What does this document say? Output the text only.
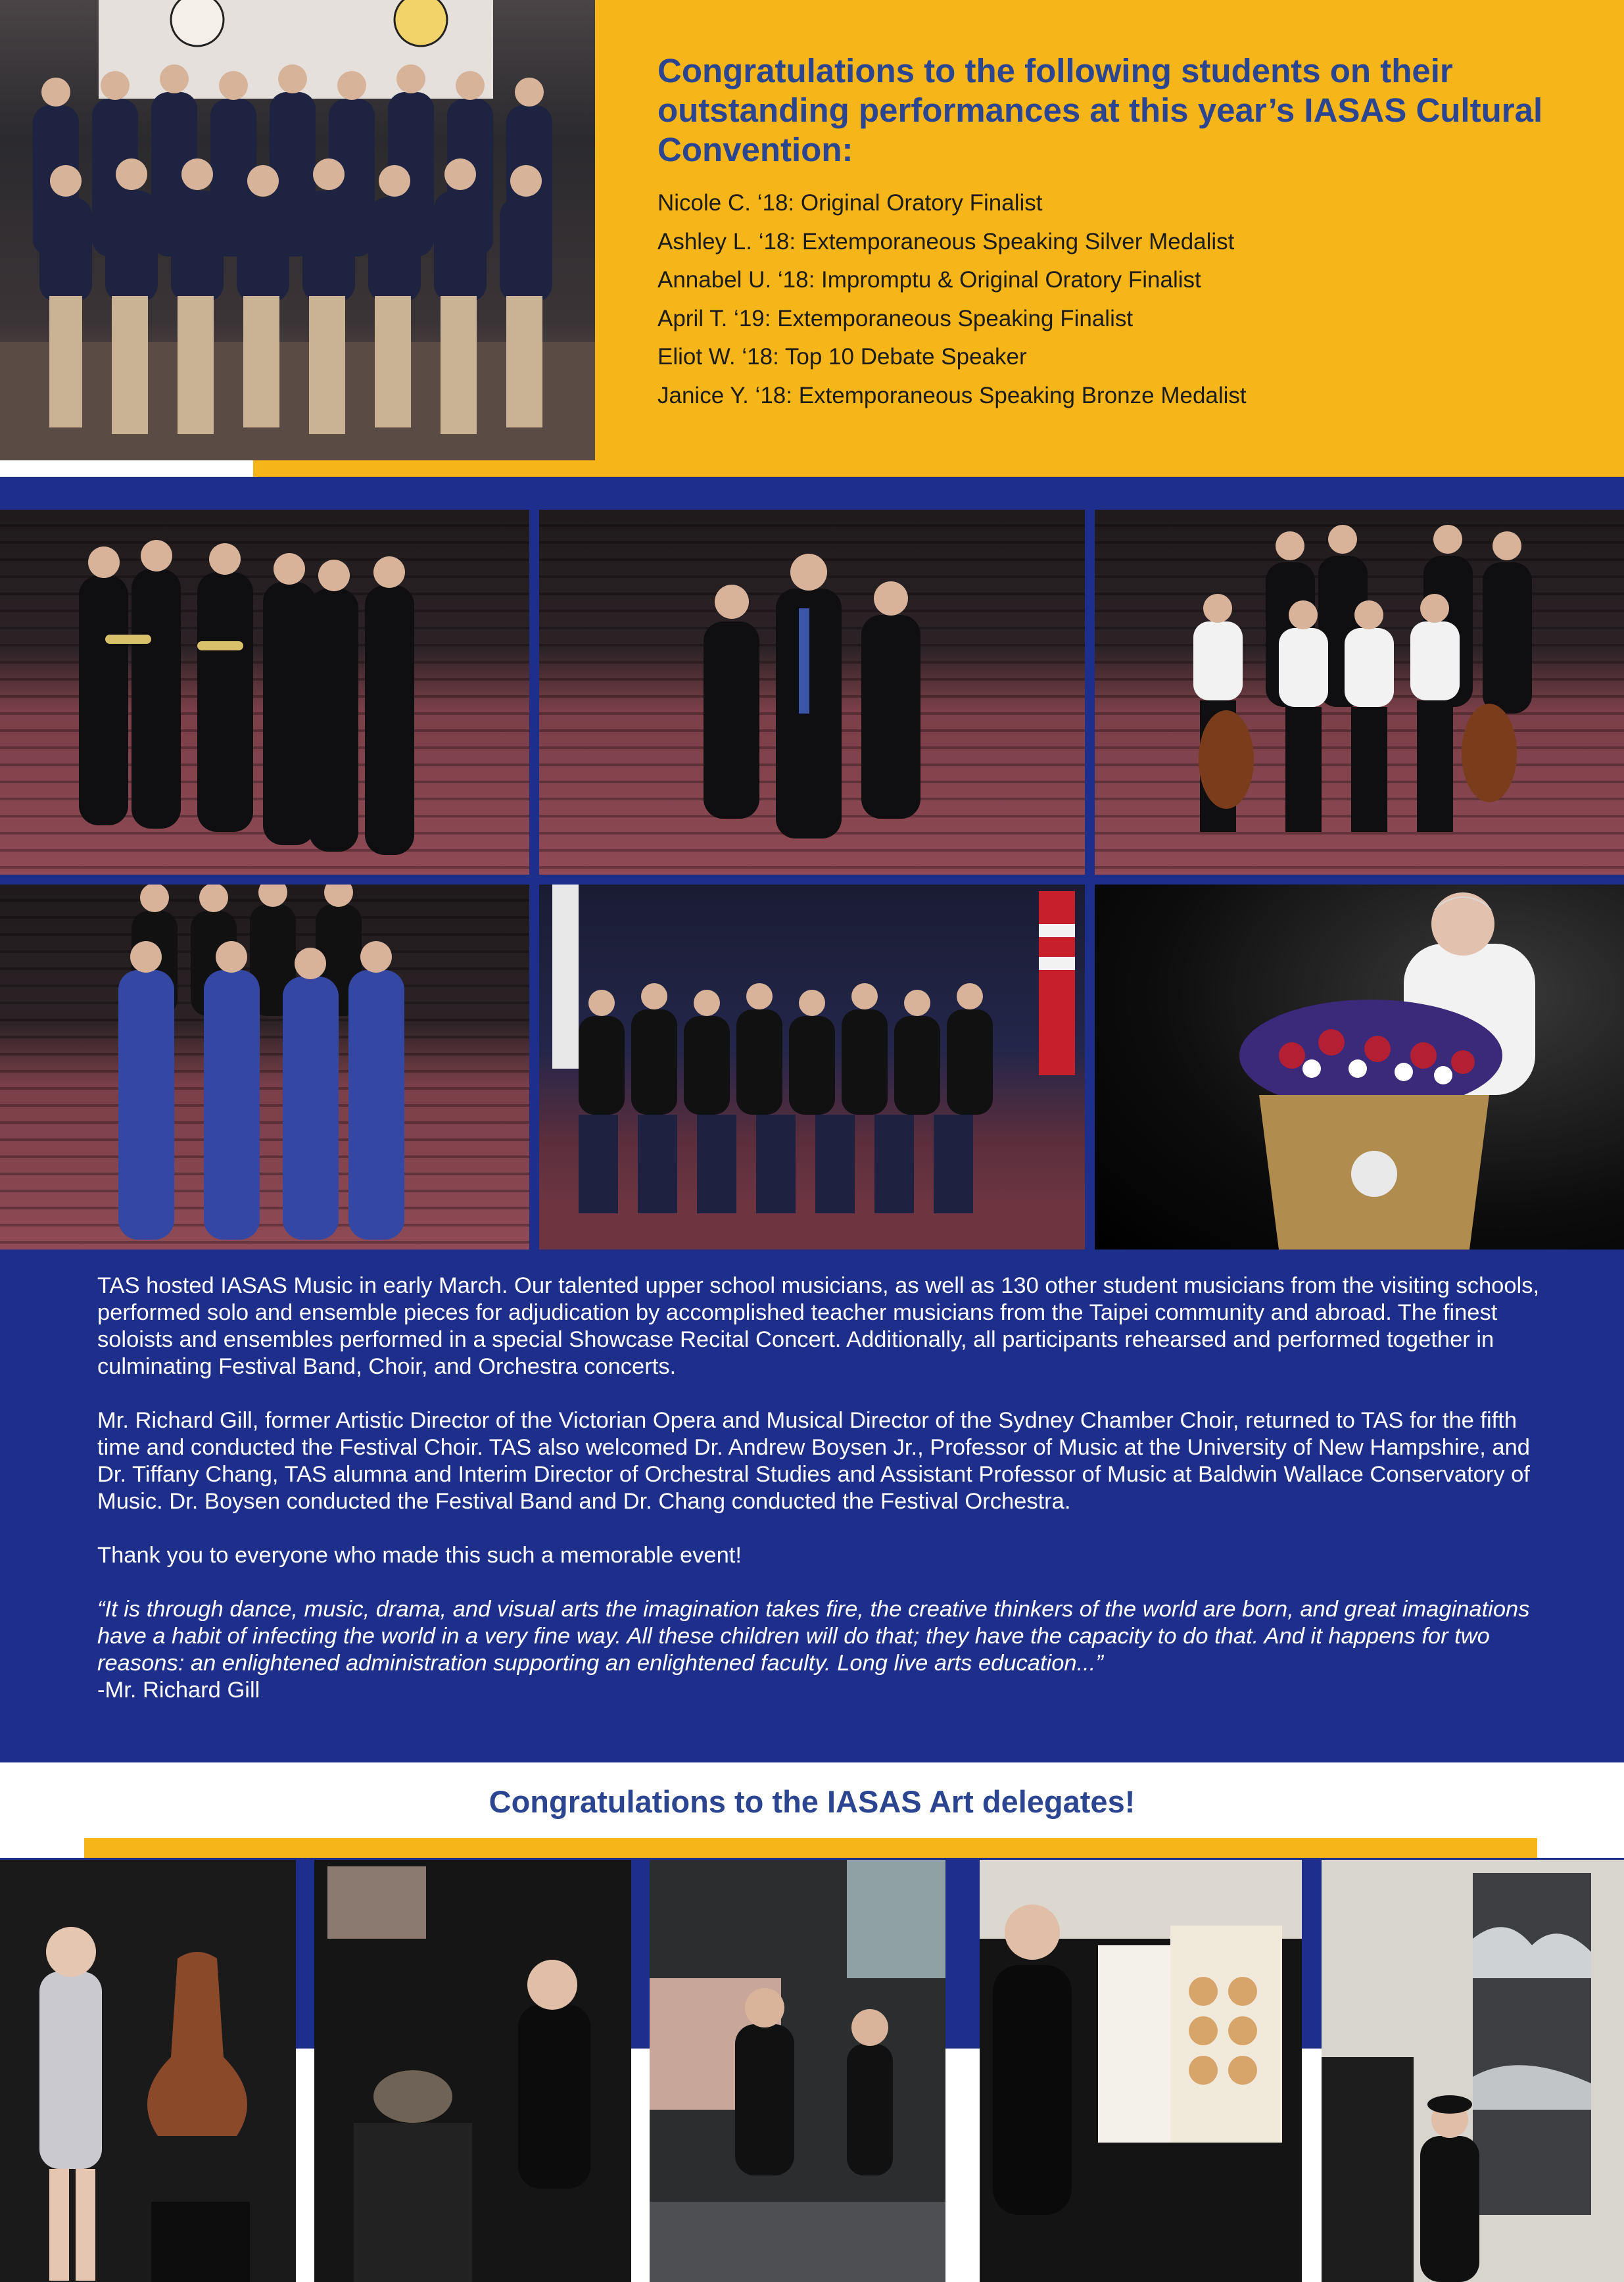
Congratulations to the following students on their outstanding performances at this year’s IASAS Cultural Convention:
Nicole C. ‘18: Original Oratory Finalist
Ashley L. ‘18: Extemporaneous Speaking Silver Medalist
Annabel U. ‘18: Impromptu & Original Oratory Finalist
April T. ‘19: Extemporaneous Speaking Finalist
Eliot W. ‘18: Top 10 Debate Speaker
Janice Y. ‘18: Extemporaneous Speaking Bronze Medalist

TAS hosted IASAS Music in early March. Our talented upper school musicians, as well as 130 other student musicians from the visiting schools, performed solo and ensemble pieces for adjudication by accomplished teacher musicians from the Taipei community and abroad. The finest soloists and ensembles performed in a special Showcase Recital Concert. Additionally, all participants rehearsed and performed together in culminating Festival Band, Choir, and Orchestra concerts.

Mr. Richard Gill, former Artistic Director of the Victorian Opera and Musical Director of the Sydney Chamber Choir, returned to TAS for the fifth time and conducted the Festival Choir. TAS also welcomed Dr. Andrew Boysen Jr., Professor of Music at the University of New Hampshire, and Dr. Tiffany Chang, TAS alumna and Interim Director of Orchestral Studies and Assistant Professor of Music at Baldwin Wallace Conservatory of Music. Dr. Boysen conducted the Festival Band and Dr. Chang conducted the Festival Orchestra.

Thank you to everyone who made this such a memorable event!

“It is through dance, music, drama, and visual arts the imagination takes fire, the creative thinkers of the world are born, and great imaginations have a habit of infecting the world in a very fine way. All these children will do that; they have the capacity to do that. And it happens for two reasons: an enlightened administration supporting an enlightened faculty. Long live arts education...”

-Mr. Richard Gill

Congratulations to the IASAS Art delegates!
